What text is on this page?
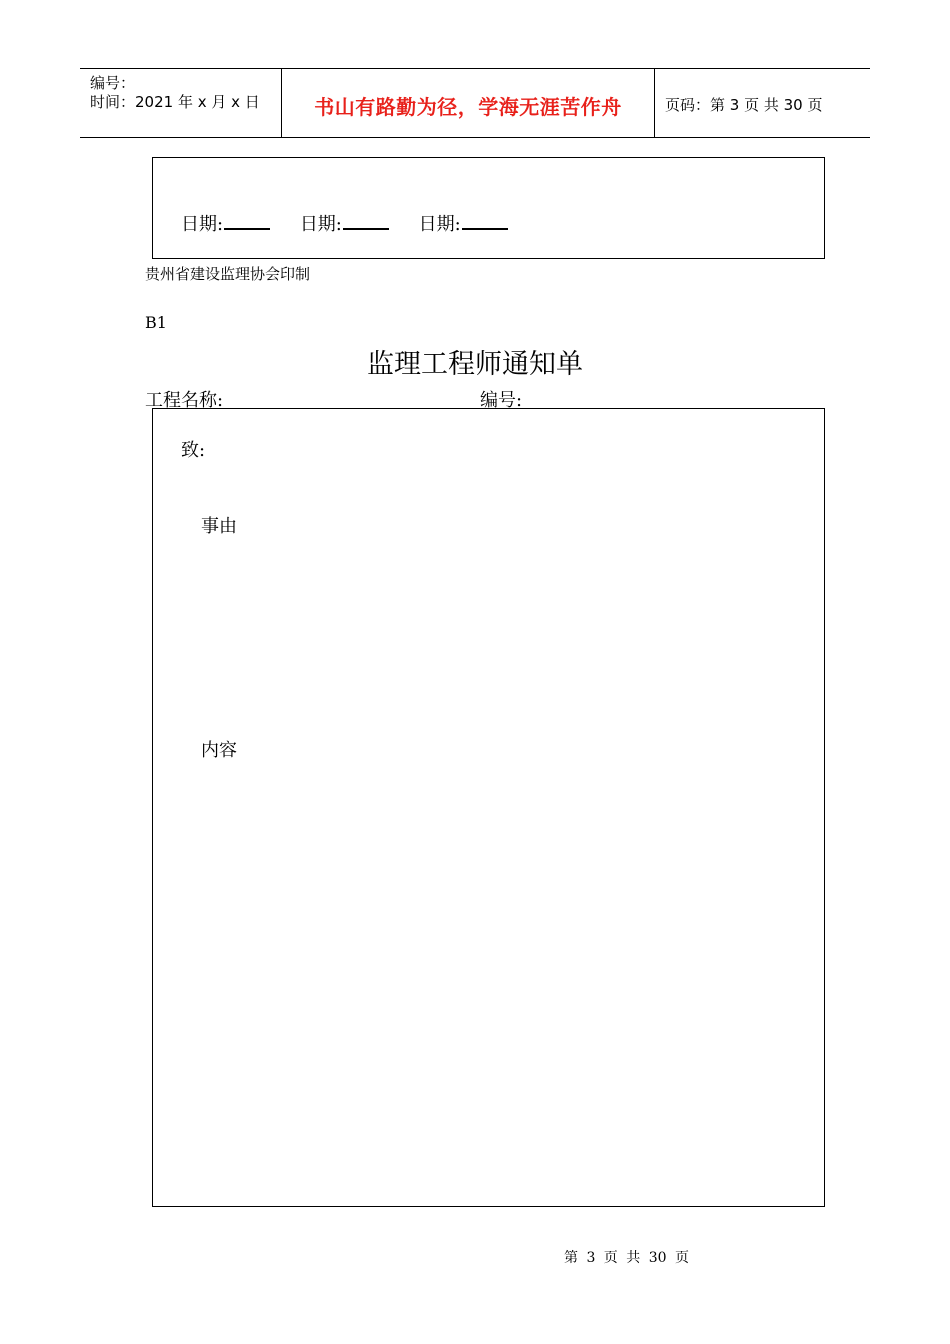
编号：
时间：2021 年 x 月 x 日	书山有路勤为径，学海无涯苦作舟	页码：第 3 页 共 30 页
日期:	日期:	日期:
贵州省建设监理协会印制
B1
监理工程师通知单
工程名称:	编号:
致:
事由
内容
第 3 页 共 30 页
